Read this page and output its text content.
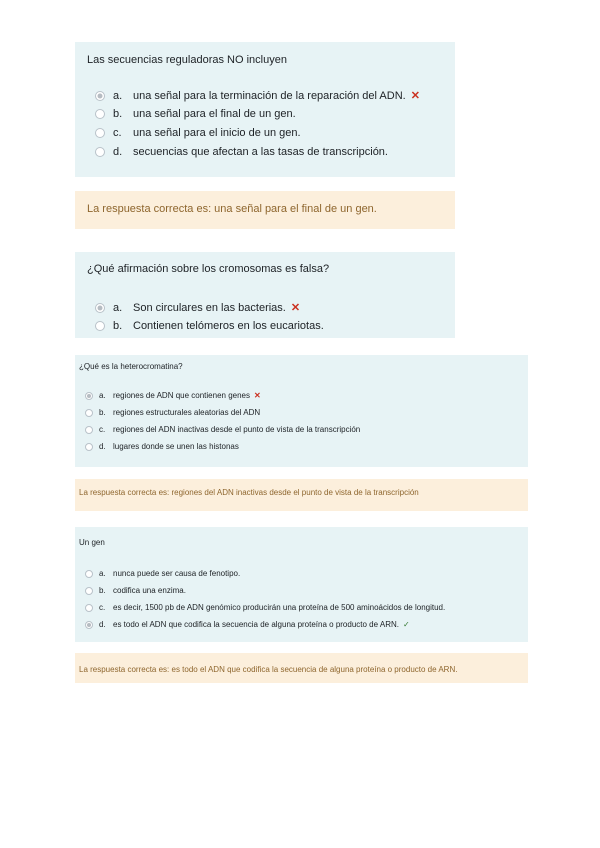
Las secuencias reguladoras NO incluyen
a. una señal para la terminación de la reparación del ADN. ✕
b. una señal para el final de un gen.
c.	una señal para el inicio de un gen.
d. secuencias que afectan a las tasas de transcripción.
La respuesta correcta es: una señal para el final de un gen.
¿Qué afirmación sobre los cromosomas es falsa?
a. Son circulares en las bacterias. ✕
b. Contienen telómeros en los eucariotas.
¿Qué es la heterocromatina?
a. regiones de ADN que contienen genes ✕
b. regiones estructurales aleatorias del ADN
c. regiones del ADN inactivas desde el punto de vista de la transcripción
d. lugares donde se unen las histonas
La respuesta correcta es: regiones del ADN inactivas desde el punto de vista de la transcripción
Un gen
a. nunca puede ser causa de fenotipo.
b. codifica una enzima.
c. es decir, 1500 pb de ADN genómico producirán una proteína de 500 aminoácidos de longitud.
d. es todo el ADN que codifica la secuencia de alguna proteína o producto de ARN. ✓
La respuesta correcta es: es todo el ADN que codifica la secuencia de alguna proteína o producto de ARN.
